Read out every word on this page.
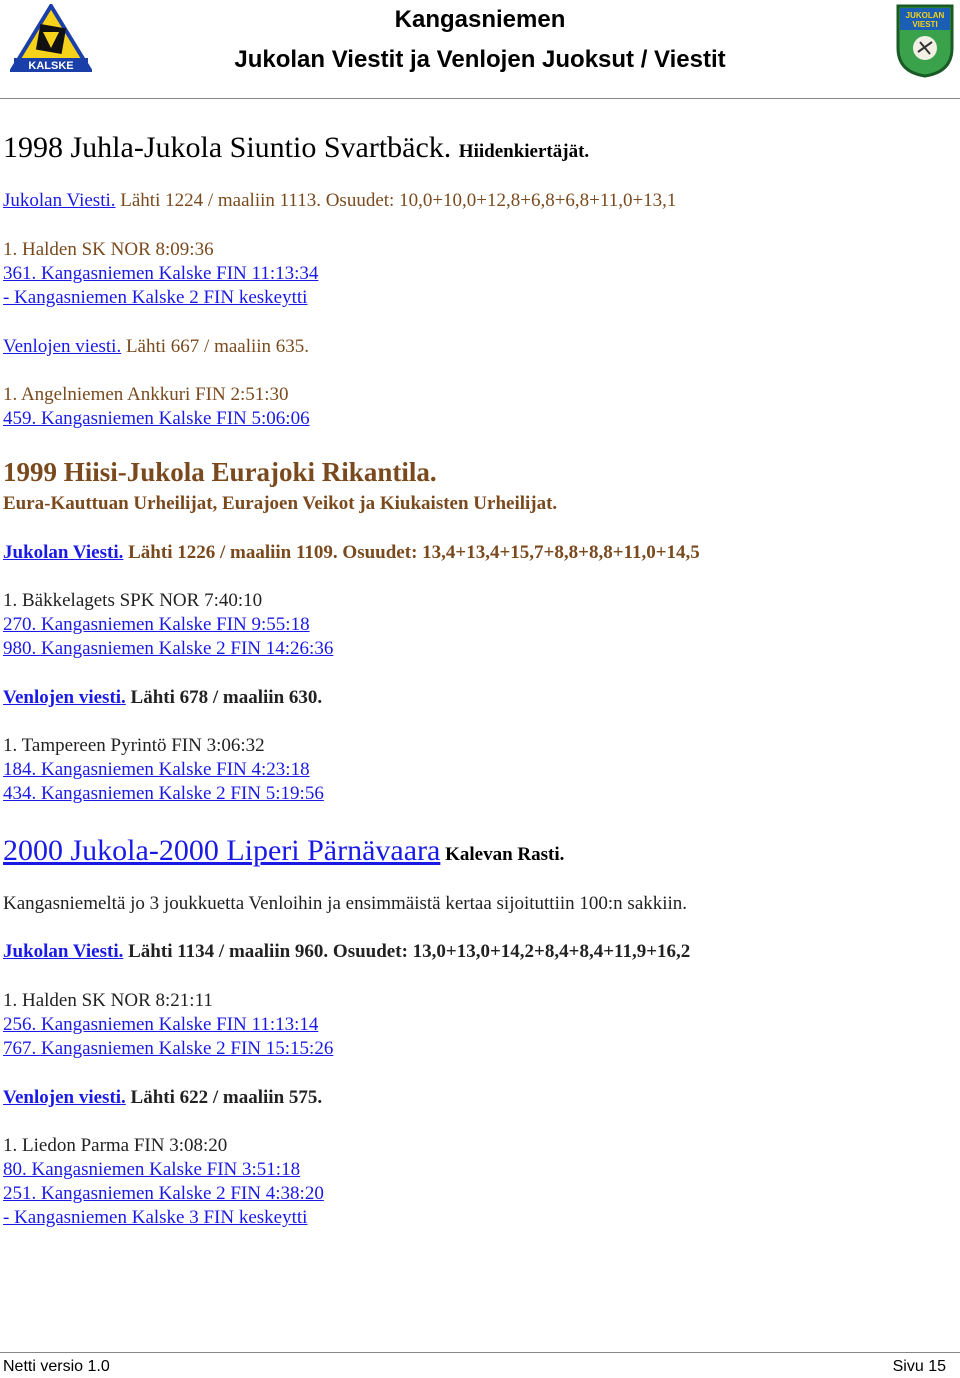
KALSKE
Kangasniemen
Jukolan Viestit ja Venlojen Juoksut / Viestit
JUKOLAN
VIESTI
1998 Juhla-Jukola Siuntio Svartbäck. Hiidenkiertäjät.
Jukolan Viesti. Lähti 1224 / maaliin 1113. Osuudet: 10,0+10,0+12,8+6,8+6,8+11,0+13,1
1. Halden SK NOR 8:09:36
361. Kangasniemen Kalske FIN 11:13:34
- Kangasniemen Kalske 2 FIN keskeytti
Venlojen viesti. Lähti 667 / maaliin 635.
1. Angelniemen Ankkuri FIN 2:51:30
459. Kangasniemen Kalske FIN 5:06:06
1999 Hiisi-Jukola Eurajoki Rikantila.
Eura-Kauttuan Urheilijat, Eurajoen Veikot ja Kiukaisten Urheilijat.
Jukolan Viesti. Lähti 1226 / maaliin 1109. Osuudet: 13,4+13,4+15,7+8,8+8,8+11,0+14,5
1. Bäkkelagets SPK NOR 7:40:10
270. Kangasniemen Kalske FIN 9:55:18
980. Kangasniemen Kalske 2 FIN 14:26:36
Venlojen viesti. Lähti 678 / maaliin 630.
1. Tampereen Pyrintö FIN 3:06:32
184. Kangasniemen Kalske FIN 4:23:18
434. Kangasniemen Kalske 2 FIN 5:19:56
2000 Jukola-2000 Liperi Pärnävaara Kalevan Rasti.
Kangasniemeltä jo 3 joukkuetta Venloihin ja ensimmäistä kertaa sijoituttiin 100:n sakkiin.
Jukolan Viesti. Lähti 1134 / maaliin 960. Osuudet: 13,0+13,0+14,2+8,4+8,4+11,9+16,2
1. Halden SK NOR 8:21:11
256. Kangasniemen Kalske FIN 11:13:14
767. Kangasniemen Kalske 2 FIN 15:15:26
Venlojen viesti. Lähti 622 / maaliin 575.
1. Liedon Parma FIN 3:08:20
80. Kangasniemen Kalske FIN 3:51:18
251. Kangasniemen Kalske 2 FIN 4:38:20
- Kangasniemen Kalske 3 FIN keskeytti
Netti versio 1.0	Sivu 15
